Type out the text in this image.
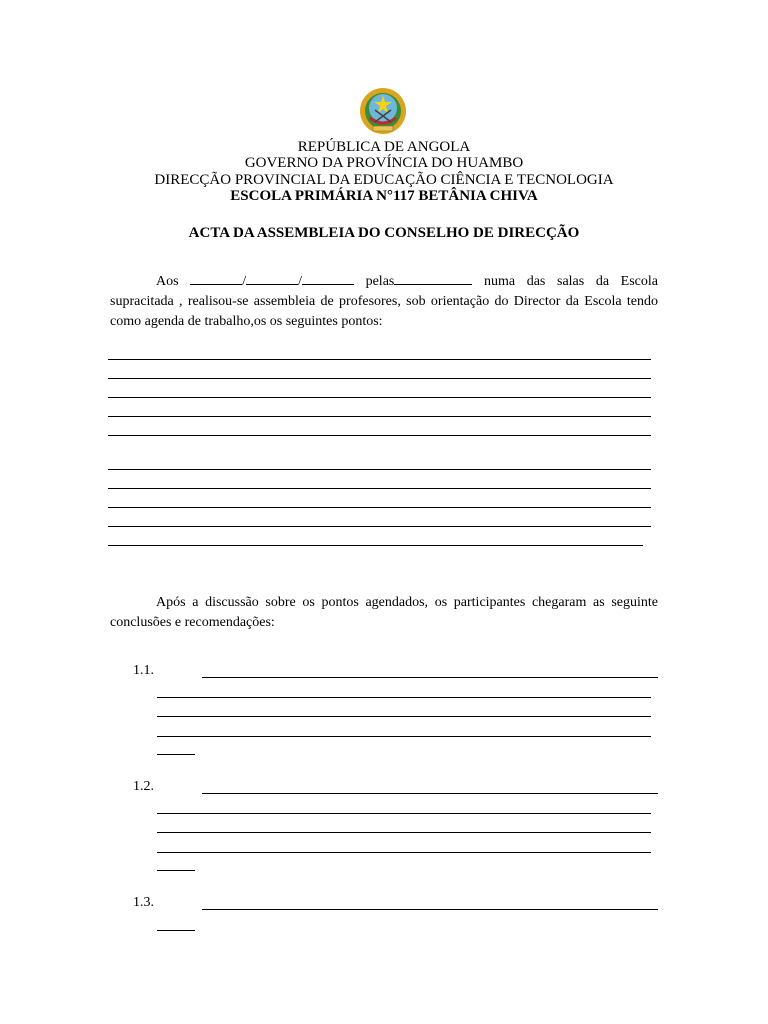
REPÚBLICA DE ANGOLA
GOVERNO DA PROVÍNCIA DO HUAMBO
DIRECÇÃO PROVINCIAL DA EDUCAÇÃO CIÊNCIA E TECNOLOGIA
ESCOLA PRIMÁRIA N°117 BETÂNIA CHIVA
ACTA DA ASSEMBLEIA DO CONSELHO DE DIRECÇÃO

Aos	/	/	pelas	numa das salas da Escola supracitada , realisou-se assembleia de profesores, sob orientação do Director da Escola tendo como agenda de trabalho,os os seguintes pontos:

Após a discussão sobre os pontos agendados, os participantes chegaram as seguinte conclusões e recomendações:

1.1.
1.2.
1.3.
